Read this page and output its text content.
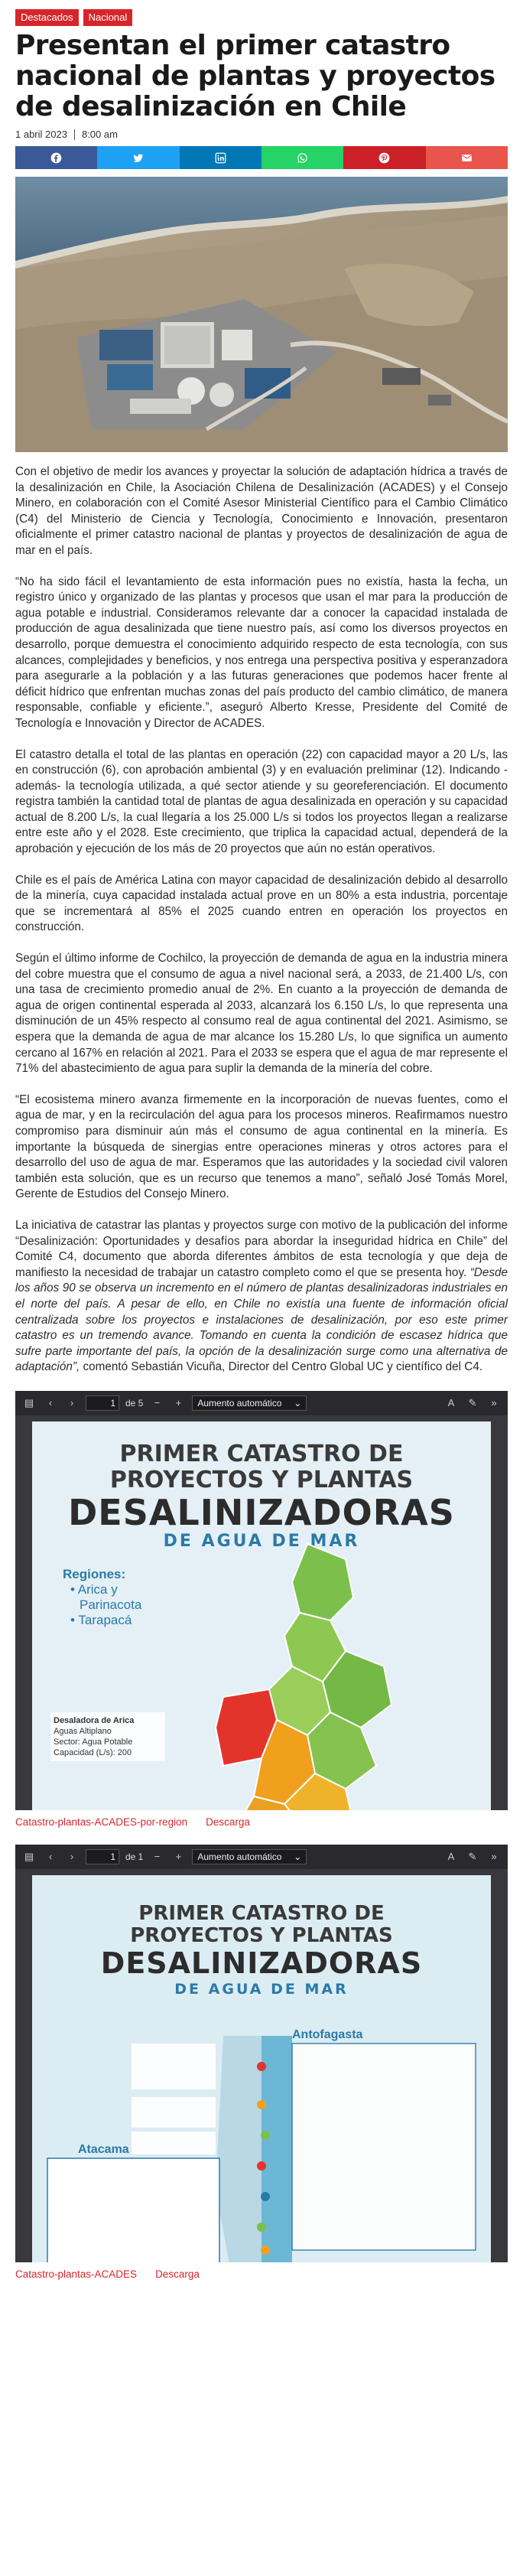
Destacados	Nacional
Presentan el primer catastro nacional de plantas y proyectos de desalinización en Chile
1 abril 2023 8:00 am

Con el objetivo de medir los avances y proyectar la solución de adaptación hídrica a través de la desalinización en Chile, la Asociación Chilena de Desalinización (ACADES) y el Consejo Minero, en colaboración con el Comité Asesor Ministerial Científico para el Cambio Climático (C4) del Ministerio de Ciencia y Tecnología, Conocimiento e Innovación, presentaron oficialmente el primer catastro nacional de plantas y proyectos de desalinización de agua de mar en el país.

“No ha sido fácil el levantamiento de esta información pues no existía, hasta la fecha, un registro único y organizado de las plantas y procesos que usan el mar para la producción de agua potable e industrial. Consideramos relevante dar a conocer la capacidad instalada de producción de agua desalinizada que tiene nuestro país, así como los diversos proyectos en desarrollo, porque demuestra el conocimiento adquirido respecto de esta tecnología, con sus alcances, complejidades y beneficios, y nos entrega una perspectiva positiva y esperanzadora para asegurarle a la población y a las futuras generaciones que podemos hacer frente al déficit hídrico que enfrentan muchas zonas del país producto del cambio climático, de manera responsable, confiable y eficiente.”, aseguró Alberto Kresse, Presidente del Comité de Tecnología e Innovación y Director de ACADES.

El catastro detalla el total de las plantas en operación (22) con capacidad mayor a 20 L/s, las en construcción (6), con aprobación ambiental (3) y en evaluación preliminar (12). Indicando -además- la tecnología utilizada, a qué sector atiende y su georeferenciación. El documento registra también la cantidad total de plantas de agua desalinizada en operación y su capacidad actual de 8.200 L/s, la cual llegaría a los 25.000 L/s si todos los proyectos llegan a realizarse entre este año y el 2028. Este crecimiento, que triplica la capacidad actual, dependerá de la aprobación y ejecución de los más de 20 proyectos que aún no están operativos.

Chile es el país de América Latina con mayor capacidad de desalinización debido al desarrollo de la minería, cuya capacidad instalada actual prove en un 80% a esta industria, porcentaje que se incrementará al 85% el 2025 cuando entren en operación los proyectos en construcción.

Según el último informe de Cochilco, la proyección de demanda de agua en la industria minera del cobre muestra que el consumo de agua a nivel nacional será, a 2033, de 21.400 L/s, con una tasa de crecimiento promedio anual de 2%. En cuanto a la proyección de demanda de agua de origen continental esperada al 2033, alcanzará los 6.150 L/s, lo que representa una disminución de un 45% respecto al consumo real de agua continental del 2021. Asimismo, se espera que la demanda de agua de mar alcance los 15.280 L/s, lo que significa un aumento cercano al 167% en relación al 2021. Para el 2033 se espera que el agua de mar represente el 71% del abastecimiento de agua para suplir la demanda de la minería del cobre.

“El ecosistema minero avanza firmemente en la incorporación de nuevas fuentes, como el agua de mar, y en la recirculación del agua para los procesos mineros. Reafirmamos nuestro compromiso para disminuir aún más el consumo de agua continental en la minería. Es importante la búsqueda de sinergias entre operaciones mineras y otros actores para el desarrollo del uso de agua de mar. Esperamos que las autoridades y la sociedad civil valoren también esta solución, que es un recurso que tenemos a mano”, señaló José Tomás Morel, Gerente de Estudios del Consejo Minero.

La iniciativa de catastrar las plantas y proyectos surge con motivo de la publicación del informe “Desalinización: Oportunidades y desafíos para abordar la inseguridad hídrica en Chile” del Comité C4, documento que aborda diferentes ámbitos de esta tecnología y que deja de manifiesto la necesidad de trabajar un catastro completo como el que se presenta hoy. “Desde los años 90 se observa un incremento en el número de plantas desalinizadoras industriales en el norte del país. A pesar de ello, en Chile no existía una fuente de información oficial centralizada sobre los proyectos e instalaciones de desalinización, por eso este primer catastro es un tremendo avance. Tomando en cuenta la condición de escasez hídrica que sufre parte importante del país, la opción de la desalinización surge como una alternativa de adaptación”, comentó Sebastián Vicuña, Director del Centro Global UC y científico del C4.

▤	‹	›	1	de 5	−	+	Aumento automático ⌄	A	✎	»
PRIMER CATASTRO DE
PROYECTOS Y PLANTAS
DESALINIZADORAS
DE AGUA DE MAR
Regiones:
• Arica y
Parinacota
• Tarapacá
Desaladora de Arica
Aguas Altiplano
Sector: Agua Potable
Capacidad (L/s): 200
Catastro-plantas-ACADES-por-region Descarga
▤	‹	›	1	de 1	−	+	Aumento automático ⌄	A	✎	»
PRIMER CATASTRO DE
PROYECTOS Y PLANTAS
DESALINIZADORAS
DE AGUA DE MAR
Antofagasta
Atacama
Catastro-plantas-ACADES Descarga
